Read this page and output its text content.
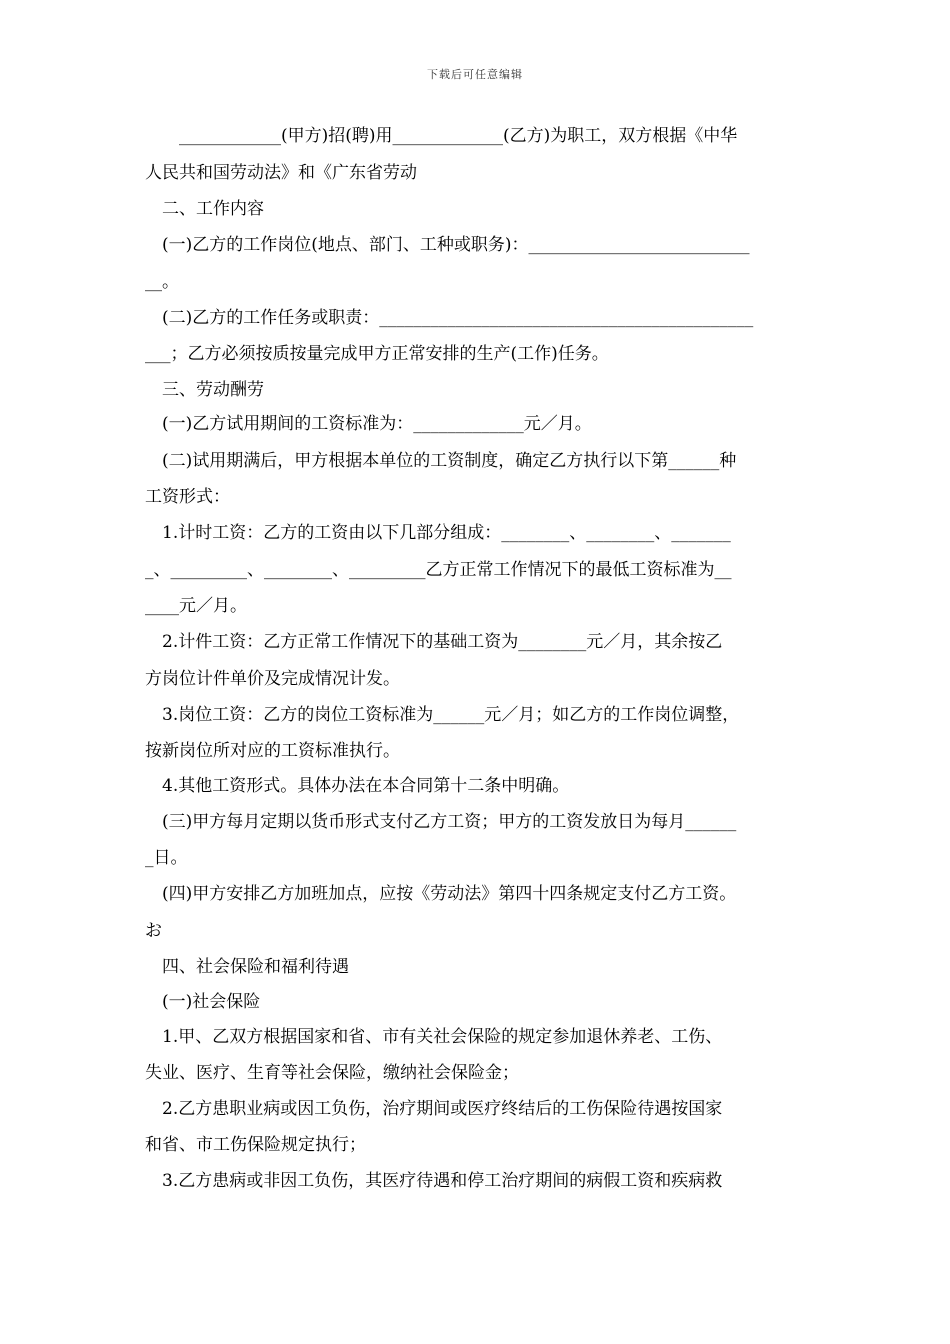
下载后可任意编辑
　　____________(甲方)招(聘)用_____________(乙方)为职工，双方根据《中华
人民共和国劳动法》和《广东省劳动
　二、工作内容
　(一)乙方的工作岗位(地点、部门、工种或职务)：__________________________
__。
　(二)乙方的工作任务或职责：____________________________________________
___；乙方必须按质按量完成甲方正常安排的生产(工作)任务。
　三、劳动酬劳
　(一)乙方试用期间的工资标准为：_____________元／月。
　(二)试用期满后，甲方根据本单位的工资制度，确定乙方执行以下第______种
工资形式：
　1.计时工资：乙方的工资由以下几部分组成：________、________、_______
_、_________、________、_________乙方正常工作情况下的最低工资标准为__
____元／月。
　2.计件工资：乙方正常工作情况下的基础工资为________元／月，其余按乙
方岗位计件单价及完成情况计发。
　3.岗位工资：乙方的岗位工资标准为______元／月；如乙方的工作岗位调整，
按新岗位所对应的工资标准执行。
　4.其他工资形式。具体办法在本合同第十二条中明确。
　(三)甲方每月定期以货币形式支付乙方工资；甲方的工资发放日为每月______
_日。
　(四)甲方安排乙方加班加点，应按《劳动法》第四十四条规定支付乙方工资。
お
　四、社会保险和福利待遇
　(一)社会保险
　1.甲、乙双方根据国家和省、市有关社会保险的规定参加退休养老、工伤、
失业、医疗、生育等社会保险，缴纳社会保险金；
　2.乙方患职业病或因工负伤，治疗期间或医疗终结后的工伤保险待遇按国家
和省、市工伤保险规定执行；
　3.乙方患病或非因工负伤，其医疗待遇和停工治疗期间的病假工资和疾病救
